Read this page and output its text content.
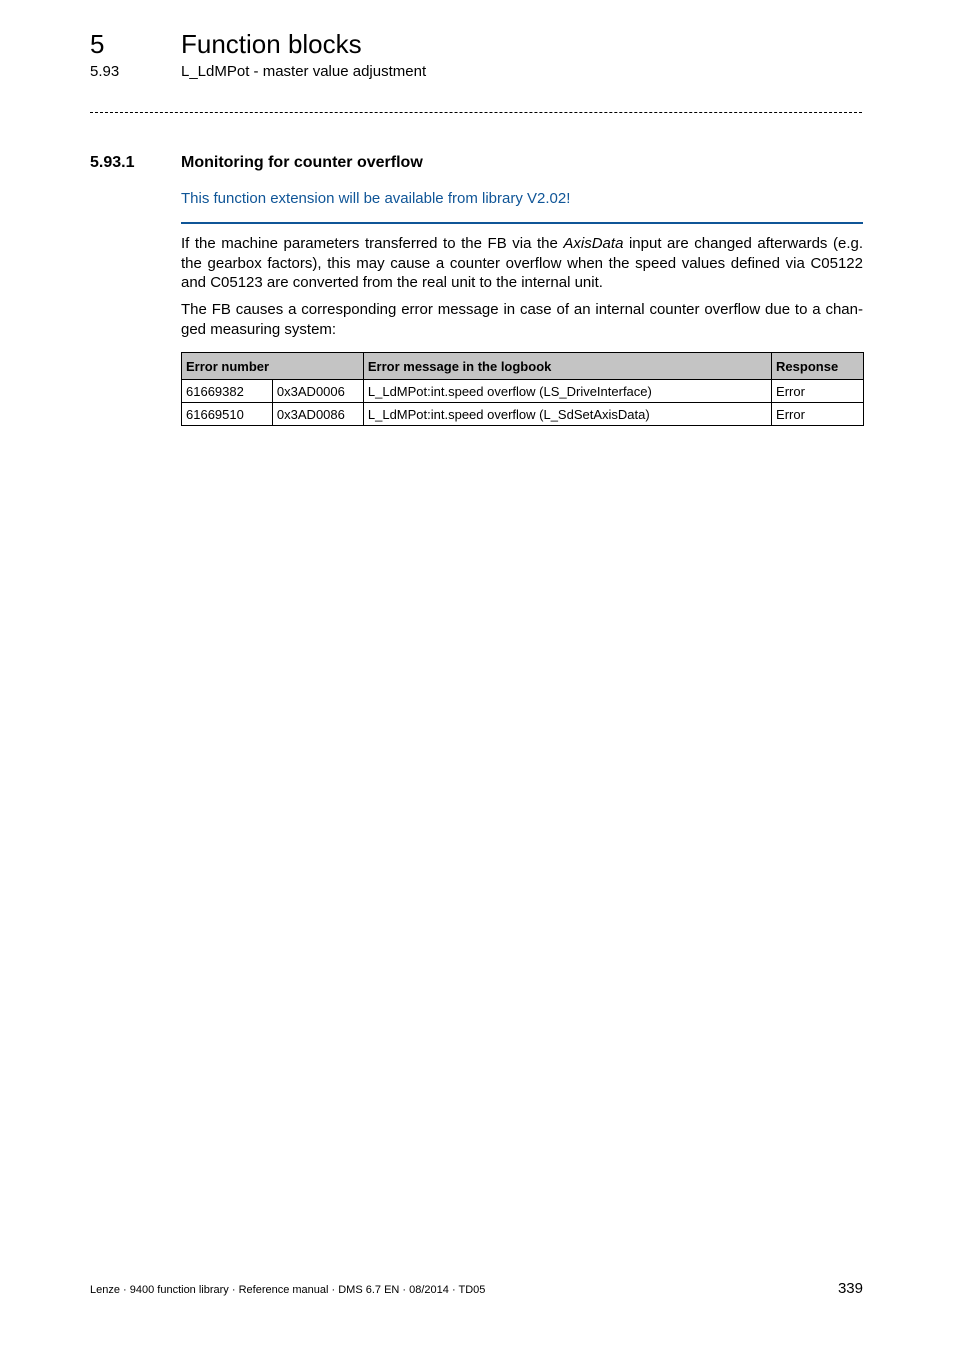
5	Function blocks
5.93	L_LdMPot - master value adjustment
5.93.1	Monitoring for counter overflow
This function extension will be available from library V2.02!

If the machine parameters transferred to the FB via the AxisData input are changed afterwards (e.g. the gearbox factors), this may cause a counter overflow when the speed values defined via C05122 and C05123 are converted from the real unit to the internal unit.

The FB causes a corresponding error message in case of an internal counter overflow due to a chan-ged measuring system:

Error number		Error message in the logbook	Response
61669382	0x3AD0006	L_LdMPot:int.speed overflow (LS_DriveInterface)	Error
61669510	0x3AD0086	L_LdMPot:int.speed overflow (L_SdSetAxisData)	Error
Lenze · 9400 function library · Reference manual · DMS 6.7 EN · 08/2014 · TD05	339
